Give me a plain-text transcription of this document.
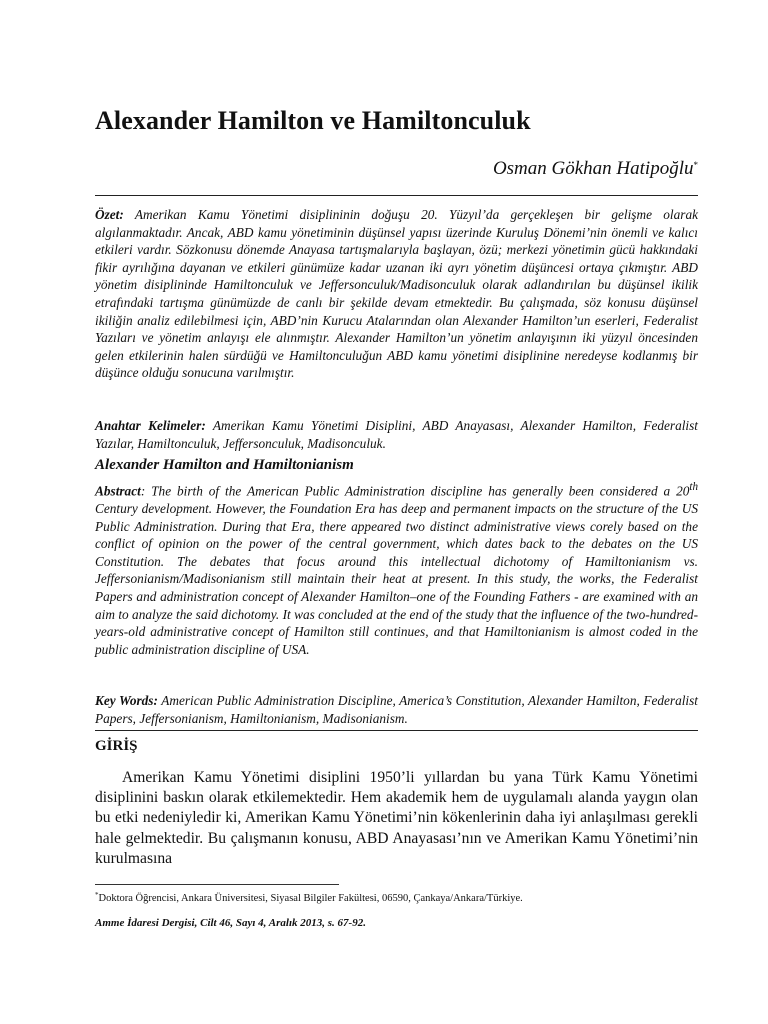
Alexander Hamilton ve Hamiltonculuk
Osman Gökhan Hatipoğlu*
Özet: Amerikan Kamu Yönetimi disiplininin doğuşu 20. Yüzyıl’da gerçekleşen bir gelişme olarak algılanmaktadır. Ancak, ABD kamu yönetiminin düşünsel yapısı üzerinde Kuruluş Dönemi’nin önemli ve kalıcı etkileri vardır. Sözkonusu dönemde Anayasa tartışmalarıyla başlayan, özü; merkezi yönetimin gücü hakkındaki fikir ayrılığına dayanan ve etkileri günümüze kadar uzanan iki ayrı yönetim düşüncesi ortaya çıkmıştır. ABD yönetim disiplininde Hamiltonculuk ve Jeffersonculuk/Madisonculuk olarak adlandırılan bu düşünsel ikilik etrafındaki tartışma günümüzde de canlı bir şekilde devam etmektedir. Bu çalışmada, söz konusu düşünsel ikiliğin analiz edilebilmesi için, ABD’nin Kurucu Atalarından olan Alexander Hamilton’un eserleri, Federalist Yazıları ve yönetim anlayışı ele alınmıştır. Alexander Hamilton’un yönetim anlayışının iki yüzyıl öncesinden gelen etkilerinin halen sürdüğü ve Hamiltonculuğun ABD kamu yönetimi disiplinine neredeyse kodlanmış bir düşünce olduğu sonucuna varılmıştır.
Anahtar Kelimeler: Amerikan Kamu Yönetimi Disiplini, ABD Anayasası, Alexander Hamilton, Federalist Yazılar, Hamiltonculuk, Jeffersonculuk, Madisonculuk.
Alexander Hamilton and Hamiltonianism
Abstract: The birth of the American Public Administration discipline has generally been considered a 20th Century development. However, the Foundation Era has deep and permanent impacts on the structure of the US Public Administration. During that Era, there appeared two distinct administrative views corely based on the conflict of opinion on the power of the central government, which dates back to the debates on the US Constitution. The debates that focus around this intellectual dichotomy of Hamiltonianism vs. Jeffersonianism/Madisonianism still maintain their heat at present. In this study, the works, the Federalist Papers and administration concept of Alexander Hamilton–one of the Founding Fathers - are examined with an aim to analyze the said dichotomy. It was concluded at the end of the study that the influence of the two-hundred-years-old administrative concept of Hamilton still continues, and that Hamiltonianism is almost coded in the public administration discipline of USA.
Key Words: American Public Administration Discipline, America’s Constitution, Alexander Hamilton, Federalist Papers, Jeffersonianism, Hamiltonianism, Madisonianism.
GİRİŞ
Amerikan Kamu Yönetimi disiplini 1950’li yıllardan bu yana Türk Kamu Yönetimi disiplinini baskın olarak etkilemektedir. Hem akademik hem de uygulamalı alanda yaygın olan bu etki nedeniyledir ki, Amerikan Kamu Yönetimi’nin kökenlerinin daha iyi anlaşılması gerekli hale gelmektedir. Bu çalışmanın konusu, ABD Anayasası’nın ve Amerikan Kamu Yönetimi’nin kurulmasına
*Doktora Öğrencisi, Ankara Üniversitesi, Siyasal Bilgiler Fakültesi, 06590, Çankaya/Ankara/Türkiye.
Amme İdaresi Dergisi, Cilt 46, Sayı 4, Aralık 2013, s. 67-92.
